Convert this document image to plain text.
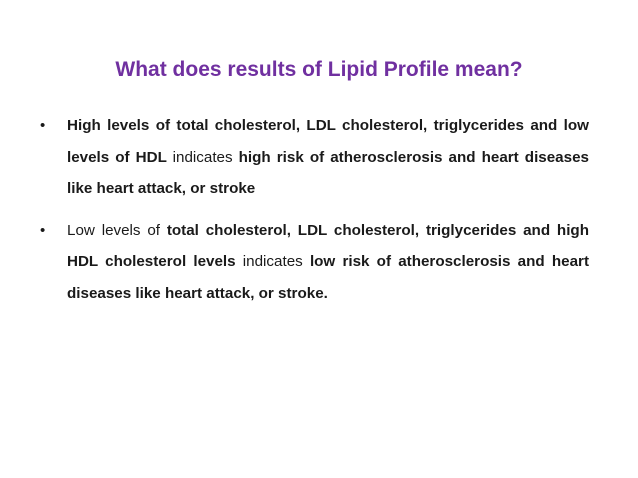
What does results of Lipid Profile mean?
•	High levels of total cholesterol, LDL cholesterol, triglycerides and low levels of HDL indicates high risk of atherosclerosis and heart diseases like heart attack, or stroke
•	Low levels of total cholesterol, LDL cholesterol, triglycerides and high HDL cholesterol levels indicates low risk of atherosclerosis and heart diseases like heart attack, or stroke.
